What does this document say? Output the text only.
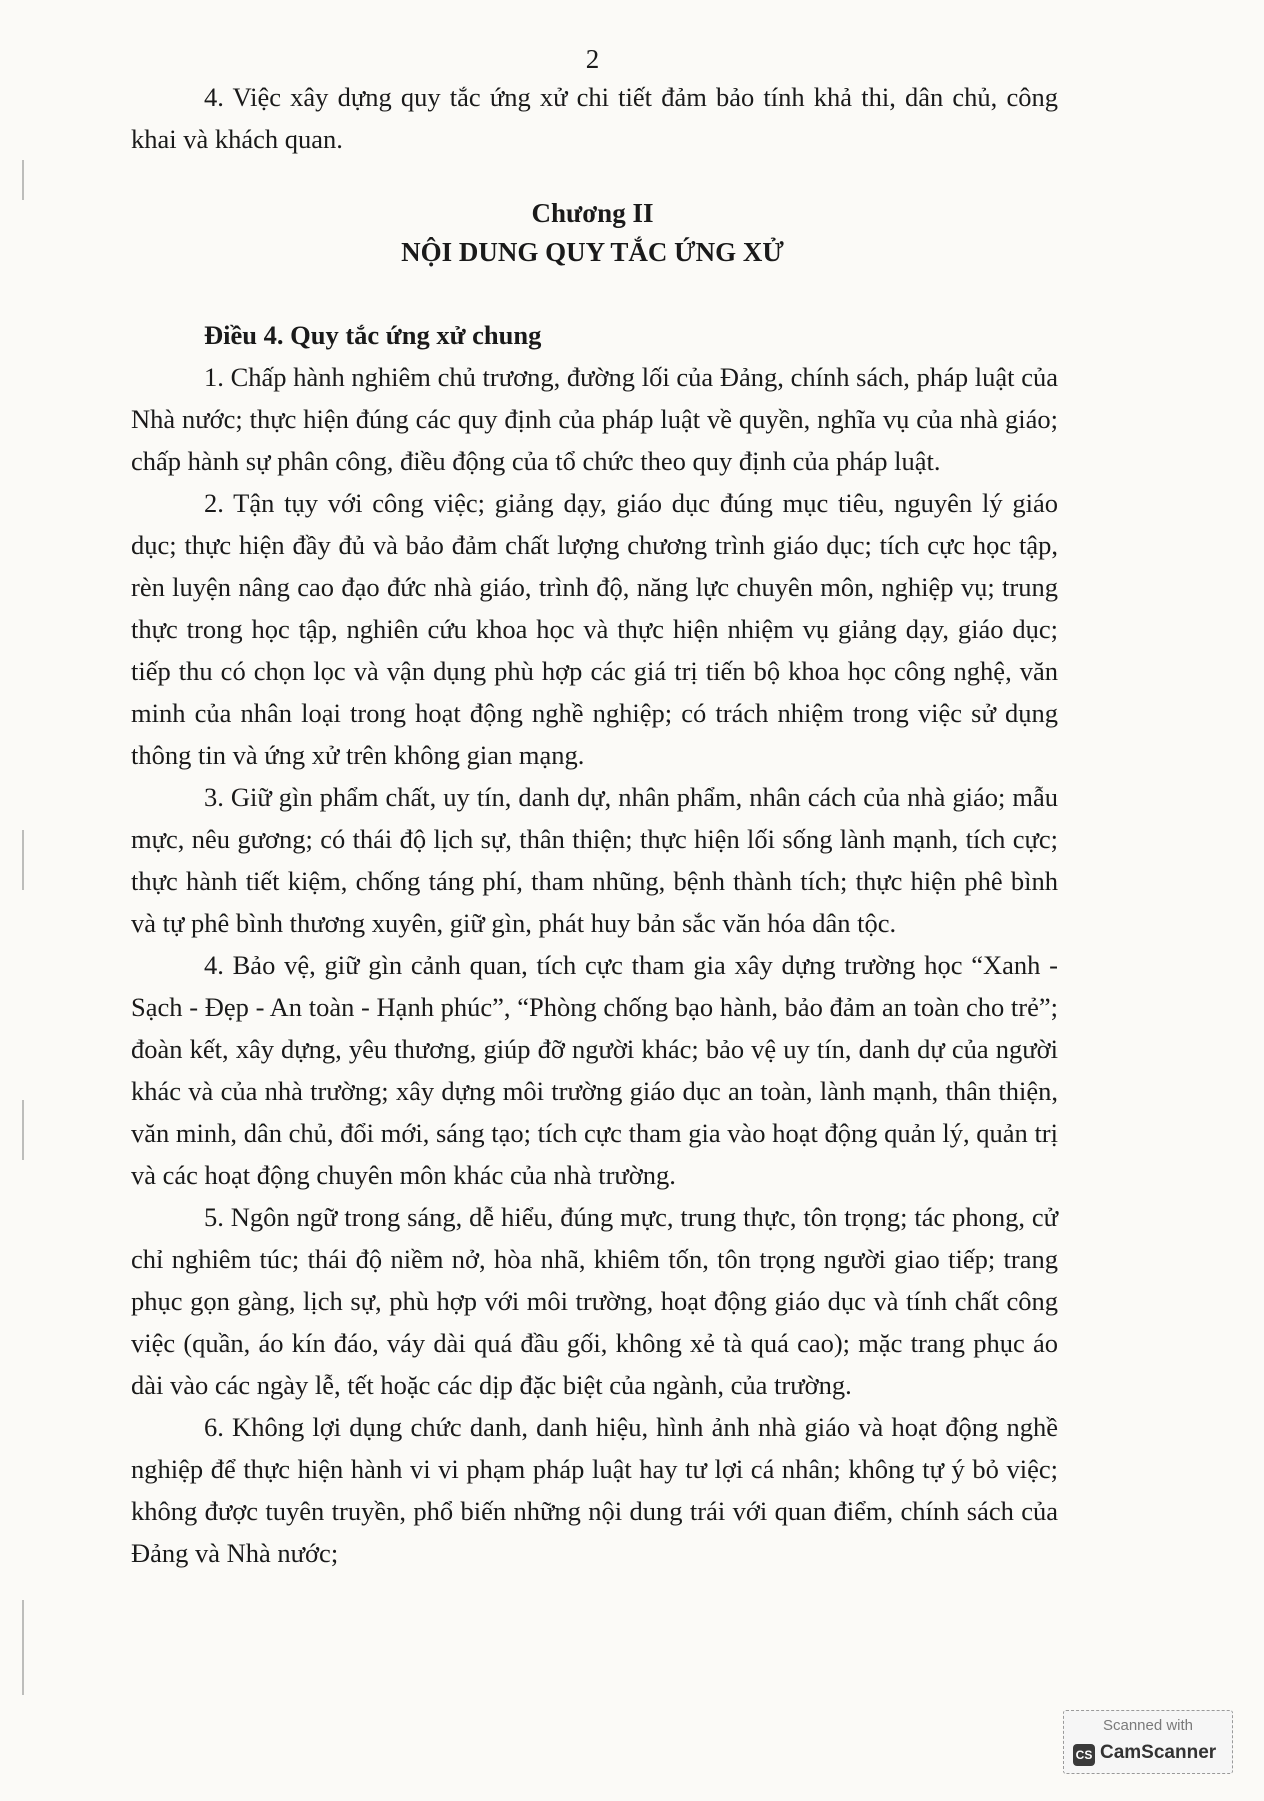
2

4. Việc xây dựng quy tắc ứng xử chi tiết đảm bảo tính khả thi, dân chủ, công khai và khách quan.

Chương II
NỘI DUNG QUY TẮC ỨNG XỬ

Điều 4. Quy tắc ứng xử chung

1. Chấp hành nghiêm chủ trương, đường lối của Đảng, chính sách, pháp luật của Nhà nước; thực hiện đúng các quy định của pháp luật về quyền, nghĩa vụ của nhà giáo; chấp hành sự phân công, điều động của tổ chức theo quy định của pháp luật.

2. Tận tụy với công việc; giảng dạy, giáo dục đúng mục tiêu, nguyên lý giáo dục; thực hiện đầy đủ và bảo đảm chất lượng chương trình giáo dục; tích cực học tập, rèn luyện nâng cao đạo đức nhà giáo, trình độ, năng lực chuyên môn, nghiệp vụ; trung thực trong học tập, nghiên cứu khoa học và thực hiện nhiệm vụ giảng dạy, giáo dục; tiếp thu có chọn lọc và vận dụng phù hợp các giá trị tiến bộ khoa học công nghệ, văn minh của nhân loại trong hoạt động nghề nghiệp; có trách nhiệm trong việc sử dụng thông tin và ứng xử trên không gian mạng.

3. Giữ gìn phẩm chất, uy tín, danh dự, nhân phẩm, nhân cách của nhà giáo; mẫu mực, nêu gương; có thái độ lịch sự, thân thiện; thực hiện lối sống lành mạnh, tích cực; thực hành tiết kiệm, chống táng phí, tham nhũng, bệnh thành tích; thực hiện phê bình và tự phê bình thương xuyên, giữ gìn, phát huy bản sắc văn hóa dân tộc.

4. Bảo vệ, giữ gìn cảnh quan, tích cực tham gia xây dựng trường học “Xanh - Sạch - Đẹp - An toàn - Hạnh phúc”, “Phòng chống bạo hành, bảo đảm an toàn cho trẻ”; đoàn kết, xây dựng, yêu thương, giúp đỡ người khác; bảo vệ uy tín, danh dự của người khác và của nhà trường; xây dựng môi trường giáo dục an toàn, lành mạnh, thân thiện, văn minh, dân chủ, đổi mới, sáng tạo; tích cực tham gia vào hoạt động quản lý, quản trị và các hoạt động chuyên môn khác của nhà trường.

5. Ngôn ngữ trong sáng, dễ hiểu, đúng mực, trung thực, tôn trọng; tác phong, cử chỉ nghiêm túc; thái độ niềm nở, hòa nhã, khiêm tốn, tôn trọng người giao tiếp; trang phục gọn gàng, lịch sự, phù hợp với môi trường, hoạt động giáo dục và tính chất công việc (quần, áo kín đáo, váy dài quá đầu gối, không xẻ tà quá cao); mặc trang phục áo dài vào các ngày lễ, tết hoặc các dịp đặc biệt của ngành, của trường.

6. Không lợi dụng chức danh, danh hiệu, hình ảnh nhà giáo và hoạt động nghề nghiệp để thực hiện hành vi vi phạm pháp luật hay tư lợi cá nhân; không tự ý bỏ việc; không được tuyên truyền, phổ biến những nội dung trái với quan điểm, chính sách của Đảng và Nhà nước;

Scanned with
CS CamScanner
